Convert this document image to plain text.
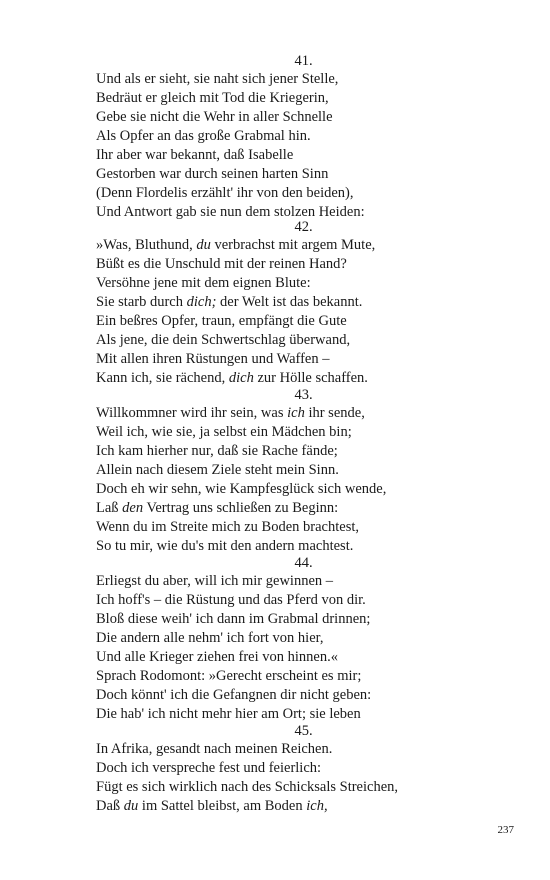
41.
Und als er sieht, sie naht sich jener Stelle,
Bedräut er gleich mit Tod die Kriegerin,
Gebe sie nicht die Wehr in aller Schnelle
Als Opfer an das große Grabmal hin.
Ihr aber war bekannt, daß Isabelle
Gestorben war durch seinen harten Sinn
(Denn Flordelis erzählt' ihr von den beiden),
Und Antwort gab sie nun dem stolzen Heiden:
42.
»Was, Bluthund, du verbrachst mit argem Mute,
Büßt es die Unschuld mit der reinen Hand?
Versöhne jene mit dem eignen Blute:
Sie starb durch dich; der Welt ist das bekannt.
Ein beßres Opfer, traun, empfängt die Gute
Als jene, die dein Schwertschlag überwand,
Mit allen ihren Rüstungen und Waffen –
Kann ich, sie rächend, dich zur Hölle schaffen.
43.
Willkommner wird ihr sein, was ich ihr sende,
Weil ich, wie sie, ja selbst ein Mädchen bin;
Ich kam hierher nur, daß sie Rache fände;
Allein nach diesem Ziele steht mein Sinn.
Doch eh wir sehn, wie Kampfesglück sich wende,
Laß den Vertrag uns schließen zu Beginn:
Wenn du im Streite mich zu Boden brachtest,
So tu mir, wie du's mit den andern machtest.
44.
Erliegst du aber, will ich mir gewinnen –
Ich hoff's – die Rüstung und das Pferd von dir.
Bloß diese weih' ich dann im Grabmal drinnen;
Die andern alle nehm' ich fort von hier,
Und alle Krieger ziehen frei von hinnen.«
Sprach Rodomont: »Gerecht erscheint es mir;
Doch könnt' ich die Gefangnen dir nicht geben:
Die hab' ich nicht mehr hier am Ort; sie leben
45.
In Afrika, gesandt nach meinen Reichen.
Doch ich verspreche fest und feierlich:
Fügt es sich wirklich nach des Schicksals Streichen,
Daß du im Sattel bleibst, am Boden ich,
237
